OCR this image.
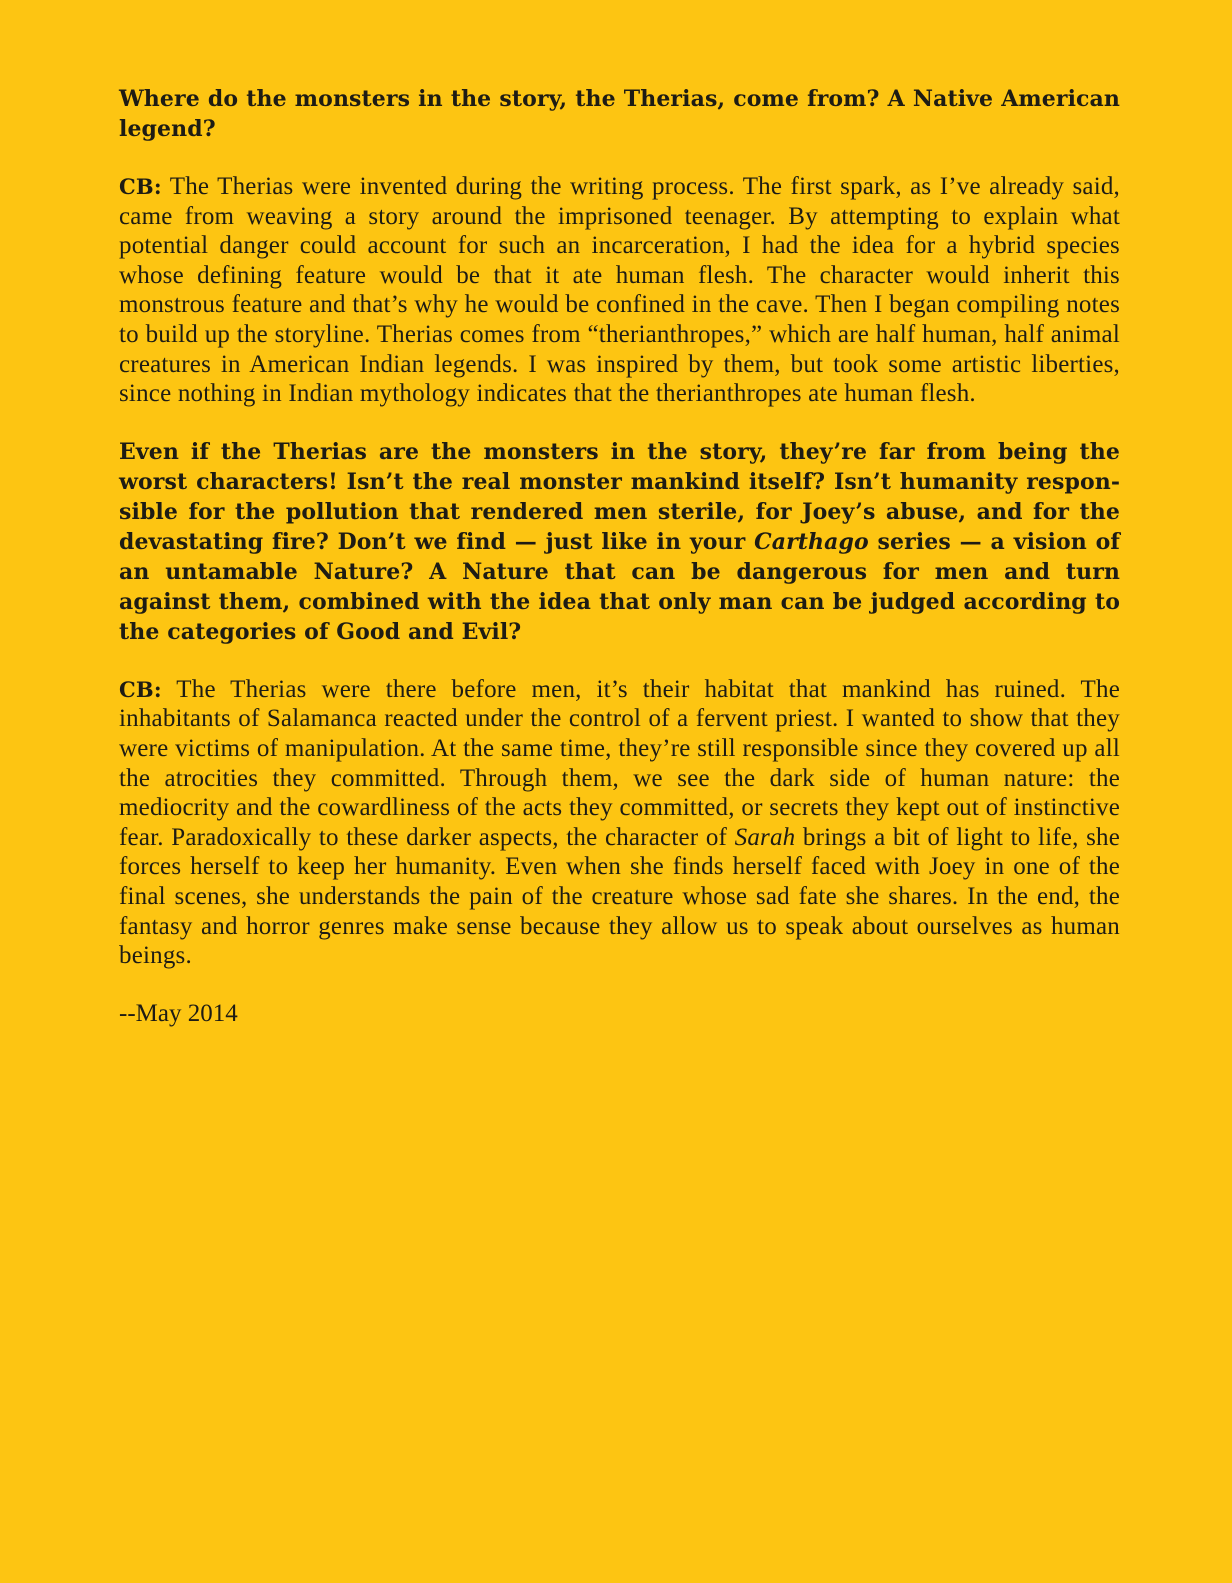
Where do the monsters in the story, the Therias, come from? A Native American legend?

CB: The Therias were invented during the writing process. The first spark, as I’ve already said, came from weaving a story around the imprisoned teenager. By attempting to explain what potential danger could account for such an incarceration, I had the idea for a hybrid species whose defining feature would be that it ate human flesh. The character would inherit this monstrous feature and that’s why he would be confined in the cave. Then I began compiling notes to build up the storyline. Therias comes from “therianthropes,” which are half human, half animal creatures in American Indian legends. I was inspired by them, but took some artistic liberties, since nothing in Indian mythology indicates that the therianthropes ate human flesh.

Even if the Therias are the monsters in the story, they’re far from being the worst characters! Isn’t the real monster mankind itself? Isn’t humanity responsible for the pollution that rendered men sterile, for Joey’s abuse, and for the devastating fire? Don’t we find — just like in your Carthago series — a vision of an untamable Nature? A Nature that can be dangerous for men and turn against them, combined with the idea that only man can be judged according to the categories of Good and Evil?

CB: The Therias were there before men, it’s their habitat that mankind has ruined. The inhabitants of Salamanca reacted under the control of a fervent priest. I wanted to show that they were victims of manipulation. At the same time, they’re still responsible since they covered up all the atrocities they committed. Through them, we see the dark side of human nature: the mediocrity and the cowardliness of the acts they committed, or secrets they kept out of instinctive fear. Paradoxically to these darker aspects, the character of Sarah brings a bit of light to life, she forces herself to keep her humanity. Even when she finds herself faced with Joey in one of the final scenes, she understands the pain of the creature whose sad fate she shares. In the end, the fantasy and horror genres make sense because they allow us to speak about ourselves as human beings.

--May 2014
